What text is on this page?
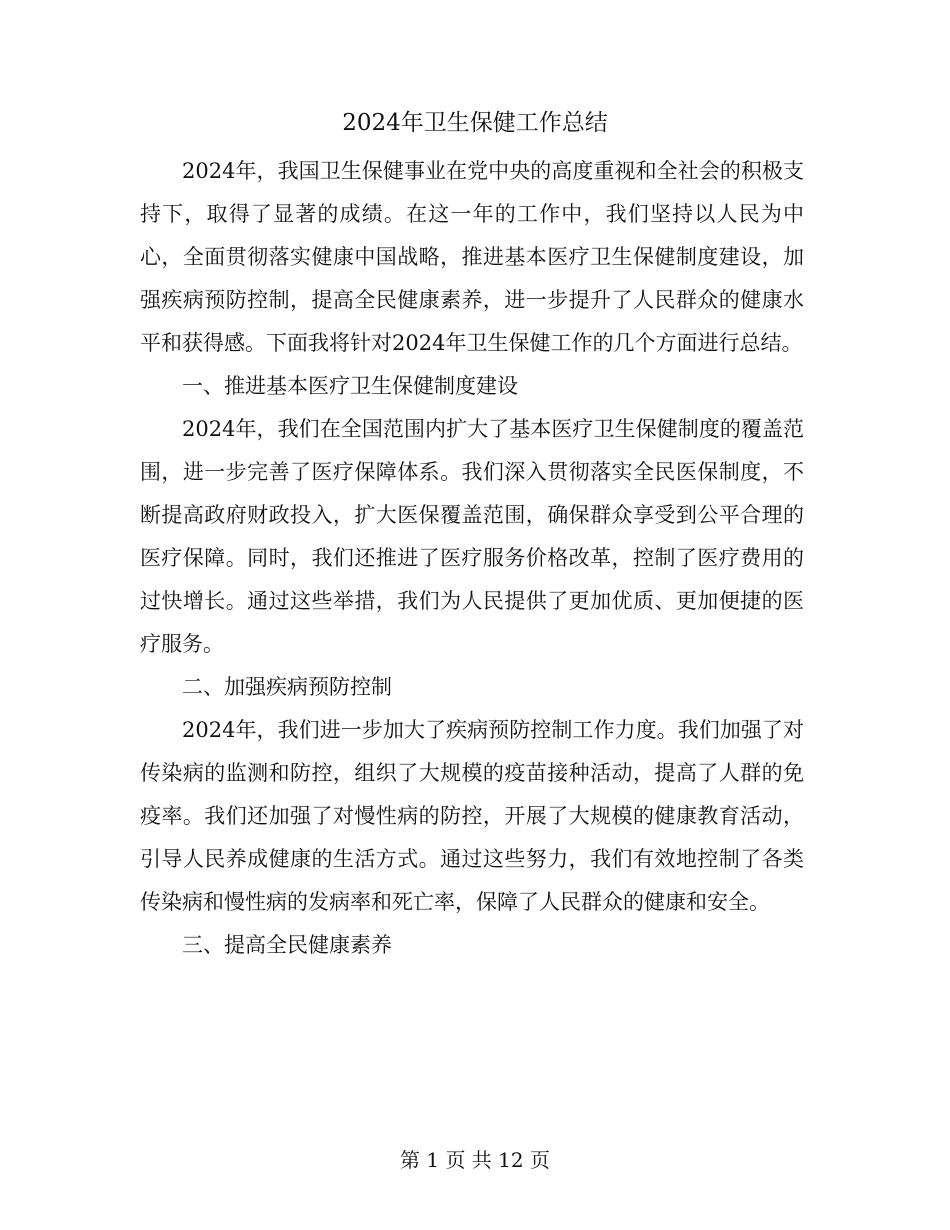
2024年卫生保健工作总结

2024年，我国卫生保健事业在党中央的高度重视和全社会的积极支持下，取得了显著的成绩。在这一年的工作中，我们坚持以人民为中心，全面贯彻落实健康中国战略，推进基本医疗卫生保健制度建设，加强疾病预防控制，提高全民健康素养，进一步提升了人民群众的健康水平和获得感。下面我将针对2024年卫生保健工作的几个方面进行总结。

一、推进基本医疗卫生保健制度建设

2024年，我们在全国范围内扩大了基本医疗卫生保健制度的覆盖范围，进一步完善了医疗保障体系。我们深入贯彻落实全民医保制度，不断提高政府财政投入，扩大医保覆盖范围，确保群众享受到公平合理的医疗保障。同时，我们还推进了医疗服务价格改革，控制了医疗费用的过快增长。通过这些举措，我们为人民提供了更加优质、更加便捷的医疗服务。

二、加强疾病预防控制

2024年，我们进一步加大了疾病预防控制工作力度。我们加强了对传染病的监测和防控，组织了大规模的疫苗接种活动，提高了人群的免疫率。我们还加强了对慢性病的防控，开展了大规模的健康教育活动，引导人民养成健康的生活方式。通过这些努力，我们有效地控制了各类传染病和慢性病的发病率和死亡率，保障了人民群众的健康和安全。

三、提高全民健康素养

第 1 页 共 12 页
